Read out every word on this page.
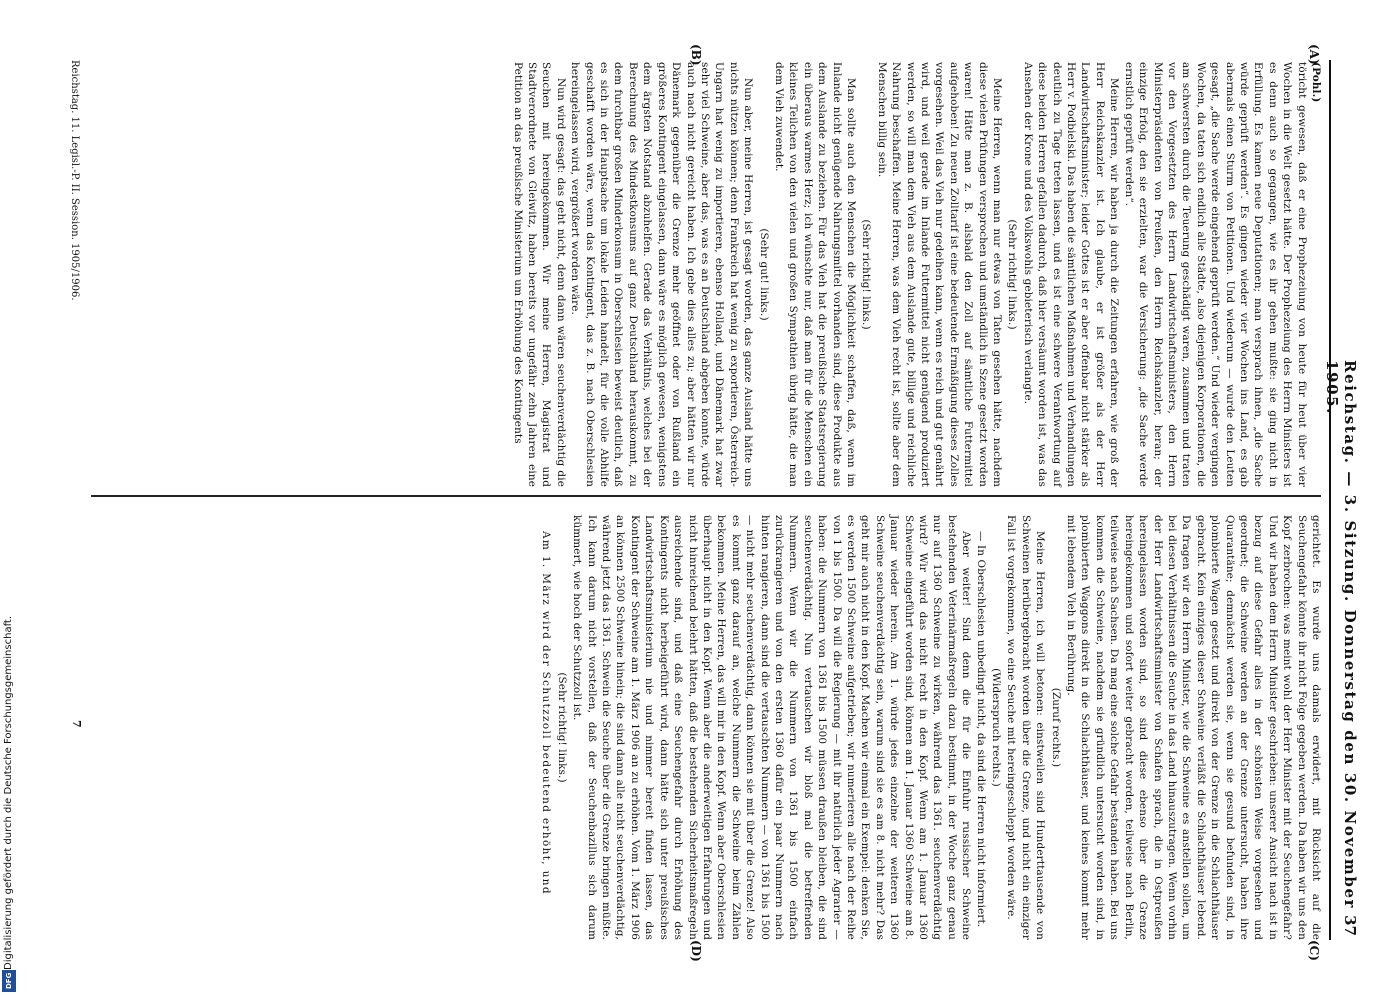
Reichstag. — 3. Sitzung. Donnerstag den 30. November 1905.
37
(A)
(B)
(C)
(D)

(Pohl.)

töricht gewesen, daß er eine Prophezeiung von heute für heut über vier Wochen in die Welt gesetzt hätte. Der Prophezeiung des Herrn Ministers ist es denn auch so gegangen, wie es ihr gehen mußte: sie ging nicht in Erfüllung. Es kamen neue Deputationen; man versprach ihnen, „die Sache würde geprüft werden“. Es gingen wieder vier Wochen ins Land, es gab abermals einen Sturm von Petitionen. Und wiederum — wurde den Leuten gesagt, „die Sache werde eingehend geprüft werden.“ Und wieder vergingen Wochen, da taten sich endlich alle Städte, also diejenigen Korporationen, die am schwersten durch die Teuerung geschädigt waren, zusammen und traten vor den Vorgesetzten des Herrn Landwirtschaftsministers, den Herrn Ministerpräsidenten von Preußen, den Herrn Reichskanzler, heran; der einzige Erfolg, den sie erzielten, war die Versicherung: „die Sache werde ernstlich geprüft werden“.

Meine Herren, wir haben ja durch die Zeitungen erfahren, wie groß der Herr Reichskanzler ist. Ich glaube, er ist größer als der Herr Landwirtschaftsminister; leider Gottes ist er aber offenbar nicht stärker als Herr v. Podbielski. Das haben die sämtlichen Maßnahmen und Verhandlungen deutlich zu Tage treten lassen, und es ist eine schwere Verantwortung auf diese beiden Herren gefallen dadurch, daß hier versäumt worden ist, was das Ansehen der Krone und des Volkswohls gebieterisch verlangte.

(Sehr richtig! links.)

Meine Herren, wenn man nur etwas von Taten gesehen hätte, nachdem diese vielen Prüfungen versprochen und umständlich in Szene gesetzt worden waren! Hätte man z. B. alsbald den Zoll auf sämtliche Futtermittel aufgehoben! Zu neuen Zolltarif ist eine bedeutende Ermäßigung dieses Zolles vorgesehen. Weil das Vieh nur gedeihen kann, wenn es reich und gut genährt wird, und weil gerade im Inlande Futtermittel nicht genügend produziert werden, so will man dem Vieh aus dem Auslande gute, billige und reichliche Nahrung beschaffen. Meine Herren, was dem Vieh recht ist, sollte aber dem Menschen billig sein.

(Sehr richtig! links.)

Man sollte auch den Menschen die Möglichkeit schaffen, daß, wenn im Inlande nicht genügende Nahrungsmittel vorhanden sind, diese Produkte aus dem Auslande zu beziehen. Für das Vieh hat die preußische Staatsregierung ein überaus warmes Herz; ich wünschte nur, daß man für die Menschen ein kleines Teilchen von den vielen und großen Sympathien übrig hätte, die man dem Vieh zuwendet.

(Sehr gut! links.)

Nun aber, meine Herren, ist gesagt worden, das ganze Ausland hätte uns nichts nützen können; denn Frankreich hat wenig zu exportieren, Österreich-Ungarn hat wenig zu importieren, ebenso Holland, und Dänemark hat zwar sehr viel Schweine, aber das, was es an Deutschland abgeben konnte, würde auch nach nicht gereicht haben. Ich gebe dies alles zu; aber hätten wir nur Dänemark gegenüber die Grenze mehr geöffnet oder von Rußland ein größeres Kontingent eingelassen, dann wäre es möglich gewesen, wenigstens dem ärgsten Notstand abzuhelfen. Gerade das Verhältnis, welches bei der Berechnung des Mindestkonsums auf ganz Deutschland herauskommt, zu dem furchtbar großen Minderkonsum in Oberschlesien beweist deutlich, daß es sich in der Hauptsache um lokale Leiden handelt, für die volle Abhilfe geschafft worden wäre, wenn das Kontingent, das z. B. nach Oberschlesien hereingelassen wird, vergrößert worden wäre.

Nun wird gesagt: das geht nicht, denn dann wären seuchenverdächtig die Seuchen mit hereingekommen. Wir meine Herren, Magistrat und Stadtverordnete von Gleiwitz, haben bereits vor ungefähr zehn Jahren eine Petition an das preußische Ministerium um Erhöhung des Kontingents

gerichtet. Es wurde uns damals erwidert, mit Rücksicht auf die Seuchengefahr könnte ihr nicht Folge gegeben werden. Da haben wir uns den Kopf zerbrochen: was meint wohl der Herr Minister mit der Seuchengefahr? Und wir haben dem Herrn Minister geschrieben: unserer Ansicht nach ist in bezug auf diese Gefahr alles in der schönsten Weise vorgesehen und geordnet; die Schweine werden an der Grenze untersucht, haben ihre Quarantäne; demnächst werden sie, wenn sie gesund befunden sind, in plombierte Wagen gesetzt und direkt von der Grenze in die Schlachthäuser gebracht. Kein einziges dieser Schweine verläßt die Schlachthäuser lebend. Da fragen wir den Herrn Minister, wie die Schweine es anstellen sollen, um bei diesen Verhältnissen die Seuche in das Land hinauszutragen. Wenn vorhin der Herr Landwirtschaftsminister von Schafen sprach, die in Ostpreußen hereingelassen worden sind, so sind diese ebenso über die Grenze hereingekommen und sofort weiter gebracht worden, teilweise nach Berlin, teilweise nach Sachsen. Da mag eine solche Gefahr bestanden haben. Bei uns kommen die Schweine, nachdem sie gründlich untersucht worden sind, in plombierten Waggons direkt in die Schlachthäuser, und keines kommt mehr mit lebendem Vieh in Berührung.

(Zuruf rechts.)

Meine Herren, ich will betonen: einstweilen sind Hunderttausende von Schweinen herübergebracht worden über die Grenze, und nicht ein einziger Fall ist vorgekommen, wo eine Seuche mit hereingeschleppt worden wäre.

(Widerspruch rechts.)

— In Oberschlesien unbedingt nicht, da sind die Herren nicht informiert.

Aber weiter! Sind denn die für die Einfuhr russischer Schweine bestehenden Veterinärmaßregeln dazu bestimmt, in der Woche ganz genau nur auf 1360 Schweine zu wirken, während das 1361. seuchenverdächtig wird? Wir wird das nicht recht in den Kopf. Wenn am 1. Januar 1360 Schweine eingeführt worden sind, können am 1. Januar 1360 Schweine am 8. Januar wieder herein. Am 1. würde jedes einzelne der weiteren 1360 Schweine seuchenverdächtig sein, warum sind sie es am 8. nicht mehr? Das geht mir auch nicht in den Kopf. Machen wir einmal ein Exempel: denken Sie, es werden 1500 Schweine aufgetrieben; wir numerieren alle nach der Reihe von 1 bis 1500. Da will die Regierung — mit ihr natürlich jeder Agrarier — haben: die Nummern von 1361 bis 1500 müssen draußen bleiben, die sind seuchenverdächtig. Nun vertauschen wir bloß mal die betreffenden Nummern. Wenn wir die Nummern von 1361 bis 1500 einfach zurückrangieren und von den ersten 1360 dafür ein paar Nummern nach hinten rangieren, dann sind die vertauschten Nummern — von 1361 bis 1500 — nicht mehr seuchenverdächtig, dann können sie mit über die Grenze! Also es kommt ganz darauf an, welche Nummern die Schweine beim Zählen bekommen. Meine Herren, das will mir in den Kopf. Wenn aber Oberschlesien überhaupt nicht in den Kopf. Wenn aber die anderweitigen Erfahrungen und nicht hinreichend belehrt hätten, daß die bestehenden Sicherheitsmaßregeln ausreichende sind, und daß eine Seuchengefahr durch Erhöhung des Kontingents nicht herbeigeführt wird, dann hätte sich unter preußisches Landwirtschaftsministerium nie und nimmer bereit finden lassen, das Kontingent der Schweine am 1. März 1906 an zu erhöhen. Vom 1. März 1906 an können 2500 Schweine hinein; die sind dann alle nicht seuchenverdächtig, während jetzt das 1361. Schwein die Seuche über die Grenze bringen müßte. Ich kann darum nicht vorstellen, daß der Seuchenbazillus sich darum kümmert, wie hoch der Schutzzoll ist.

(Sehr richtig! links.)

Am 1. März wird der Schutzzoll bedeutend erhöht, und

Reichstag. 11. Legisl.-P. II. Session. 1905/1906.
7
Digitalisierung gefördert durch die Deutsche Forschungsgemeinschaft.
DFG
